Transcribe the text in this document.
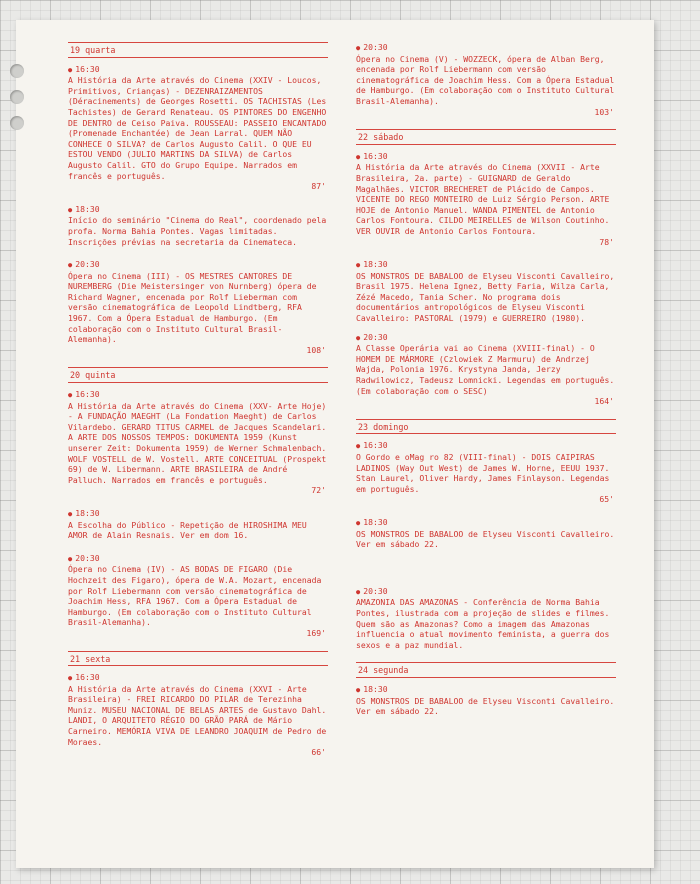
19 quarta
● 16:30
A História da Arte através do Cinema (XXIV - Loucos, Primitivos, Crianças) - DEZENRAIZAMENTOS (Déracinements) de Georges Rosetti. OS TACHISTAS (Les Tachistes) de Gerard Renateau. OS PINTORES DO ENGENHO DE DENTRO de Ceiso Paiva. ROUSSEAU: PASSEIO ENCANTADO (Promenade Enchantée) de Jean Larral. QUEM NÃO CONHECE O SILVA? de Carlos Augusto Calil. O QUE EU ESTOU VENDO (JULIO MARTINS DA SILVA) de Carlos Augusto Calil. GTO do Grupo Equipe. Narrados em francês e português.
87'
● 18:30
Início do seminário "Cinema do Real", coordenado pela profa. Norma Bahia Pontes. Vagas limitadas. Inscrições prévias na secretaria da Cinemateca.
● 20:30
Ópera no Cinema (III) - OS MESTRES CANTORES DE NUREMBERG (Die Meistersinger von Nurnberg) ópera de Richard Wagner, encenada por Rolf Lieberman com versão cinematográfica de Leopold Lindtberg, RFA 1967. Com a Ópera Estadual de Hamburgo. (Em colaboração com o Instituto Cultural Brasil-Alemanha).
108'
20 quinta
● 16:30
A História da Arte através do Cinema (XXV- Arte Hoje) - A FUNDAÇÃO MAEGHT (La Fondation Maeght) de Carlos Vilardebo. GERARD TITUS CARMEL de Jacques Scandelari. A ARTE DOS NOSSOS TEMPOS: DOKUMENTA 1959 (Kunst unserer Zeit: Dokumenta 1959) de Werner Schmalenbach. WOLF VOSTELL de W. Vostell. ARTE CONCEITUAL (Prospekt 69) de W. Libermann. ARTE BRASILEIRA de André Palluch. Narrados em francês e português.
72'
● 18:30
A Escolha do Público - Repetição de HIROSHIMA MEU AMOR de Alain Resnais. Ver em dom 16.
● 20:30
Ópera no Cinema (IV) - AS BODAS DE FIGARO (Die Hochzeit des Figaro), ópera de W.A. Mozart, encenada por Rolf Liebermann com versão cinematográfica de Joachim Hess, RFA 1967. Com a Ópera Estadual de Hamburgo. (Em colaboração com o Instituto Cultural Brasil-Alemanha).
169'
21 sexta
● 16:30
A História da Arte através do Cinema (XXVI - Arte Brasileira) - FREI RICARDO DO PILAR de Terezinha Muniz. MUSEU NACIONAL DE BELAS ARTES de Gustavo Dahl. LANDI, O ARQUITETO RÉGIO DO GRÃO PARÁ de Mário Carneiro. MEMÓRIA VIVA DE LEANDRO JOAQUIM de Pedro de Moraes.
66'
● 20:30
Ópera no Cinema (V) - WOZZECK, ópera de Alban Berg, encenada por Rolf Liebermann com versão cinematográfica de Joachim Hess. Com a Ópera Estadual de Hamburgo. (Em colaboração com o Instituto Cultural Brasil-Alemanha).
103'
22 sábado
● 16:30
A História da Arte através do Cinema (XXVII - Arte Brasileira, 2a. parte) - GUIGNARD de Geraldo Magalhães. VICTOR BRECHERET de Plácido de Campos. VICENTE DO REGO MONTEIRO de Luiz Sérgio Person. ARTE HOJE de Antonio Manuel. WANDA PIMENTEL de Antonio Carlos Fontoura. CILDO MEIRELLES de Wilson Coutinho. VER OUVIR de Antonio Carlos Fontoura.
78'
● 18:30
OS MONSTROS DE BABALOO de Elyseu Visconti Cavalleiro, Brasil 1975. Helena Ignez, Betty Faria, Wilza Carla, Zézé Macedo, Tania Scher. No programa dois documentários antropológicos de Elyseu Visconti Cavalleiro: PASTORAL (1979) e GUERREIRO (1980).
● 20:30
A Classe Operária vai ao Cinema (XVIII-final) - O HOMEM DE MÁRMORE (Czlowiek Z Marmuru) de Andrzej Wajda, Polonia 1976. Krystyna Janda, Jerzy Radwilowicz, Tadeusz Lomnicki. Legendas em português. (Em colaboração com o SESC)
164'
23 domingo
● 16:30
O Gordo e oMag ro 82 (VIII-final) - DOIS CAIPIRAS LADINOS (Way Out West) de James W. Horne, EEUU 1937. Stan Laurel, Oliver Hardy, James Finlayson. Legendas em português.
65'
● 18:30
OS MONSTROS DE BABALOO de Elyseu Visconti Cavalleiro. Ver em sábado 22.
● 20:30
AMAZONIA DAS AMAZONAS - Conferência de Norma Bahia Pontes, ilustrada com a projeção de slides e filmes. Quem são as Amazonas? Como a imagem das Amazonas influencia o atual movimento feminista, a guerra dos sexos e a paz mundial.
24 segunda
● 18:30
OS MONSTROS DE BABALOO de Elyseu Visconti Cavalleiro. Ver em sábado 22.
